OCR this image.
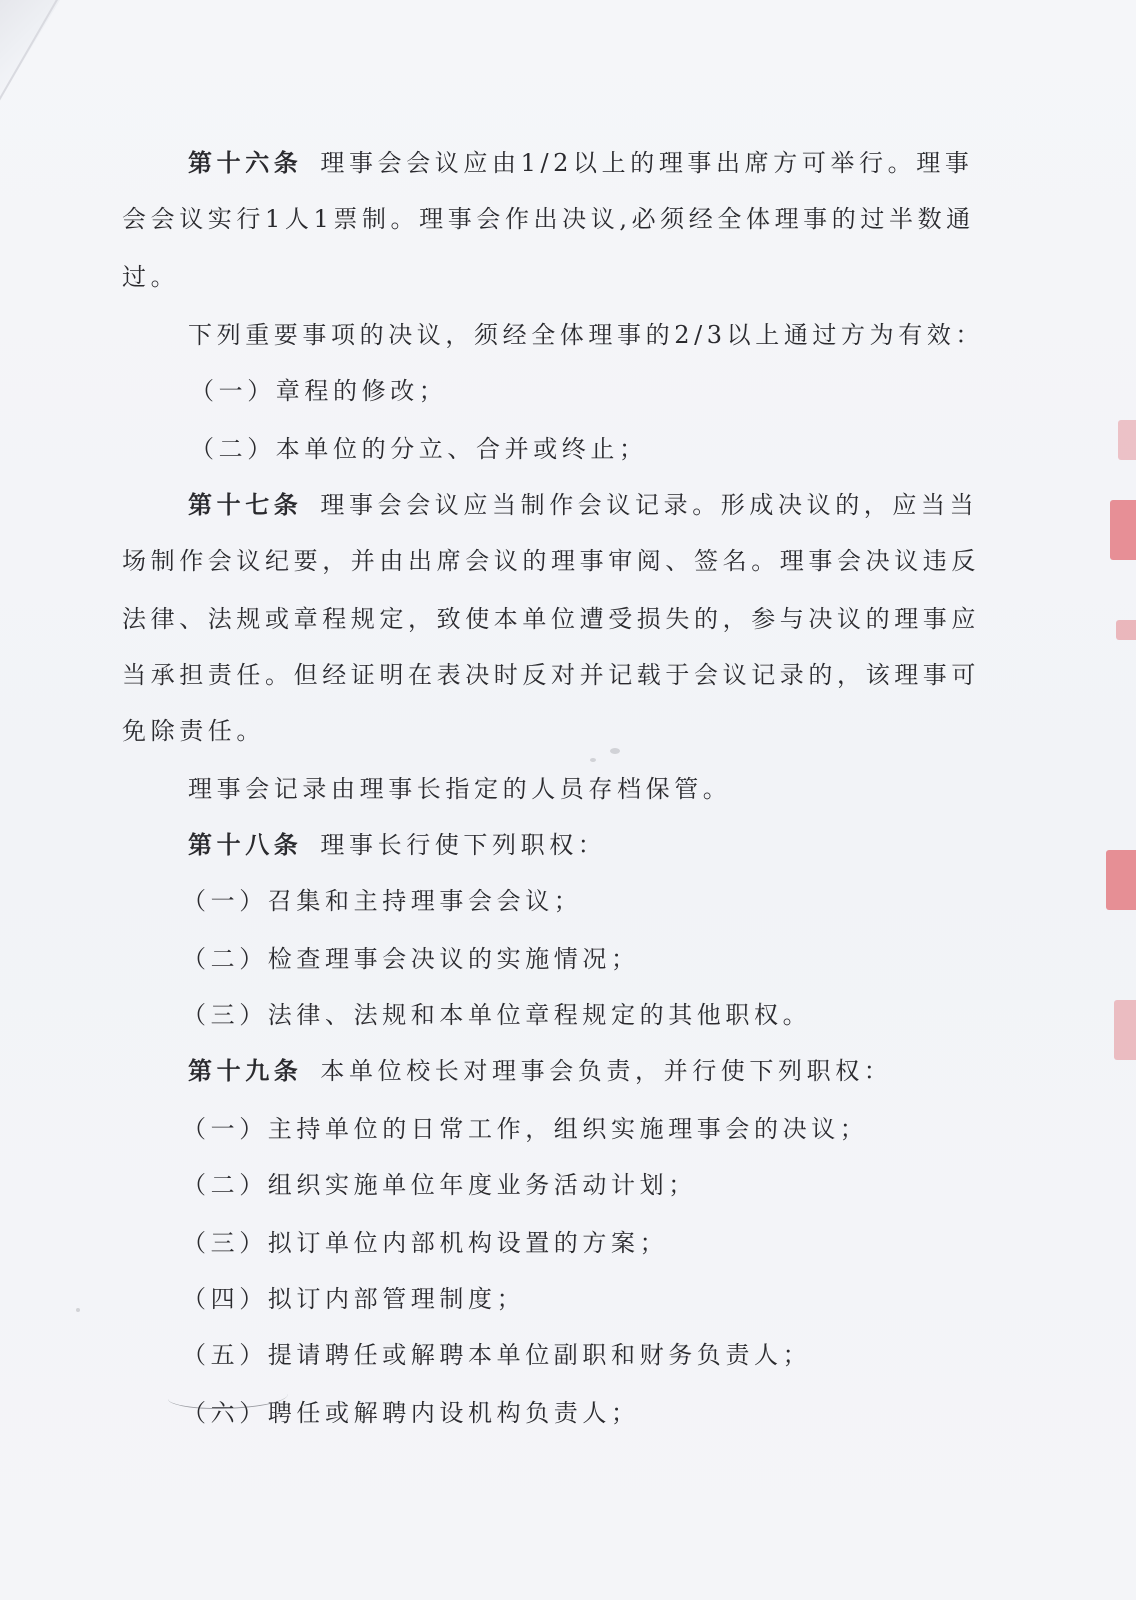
第十六条 理事会会议应由1/2以上的理事出席方可举行。理事
会会议实行1人1票制。理事会作出决议,必须经全体理事的过半数通
过。
下列重要事项的决议，须经全体理事的2/3以上通过方为有效：
（一）章程的修改；
（二）本单位的分立、合并或终止；
第十七条 理事会会议应当制作会议记录。形成决议的，应当当
场制作会议纪要，并由出席会议的理事审阅、签名。理事会决议违反
法律、法规或章程规定，致使本单位遭受损失的，参与决议的理事应
当承担责任。但经证明在表决时反对并记载于会议记录的，该理事可
免除责任。
理事会记录由理事长指定的人员存档保管。
第十八条 理事长行使下列职权：
（一）召集和主持理事会会议；
（二）检查理事会决议的实施情况；
（三）法律、法规和本单位章程规定的其他职权。
第十九条 本单位校长对理事会负责，并行使下列职权：
（一）主持单位的日常工作，组织实施理事会的决议；
（二）组织实施单位年度业务活动计划；
（三）拟订单位内部机构设置的方案；
（四）拟订内部管理制度；
（五）提请聘任或解聘本单位副职和财务负责人；
（六）聘任或解聘内设机构负责人；
